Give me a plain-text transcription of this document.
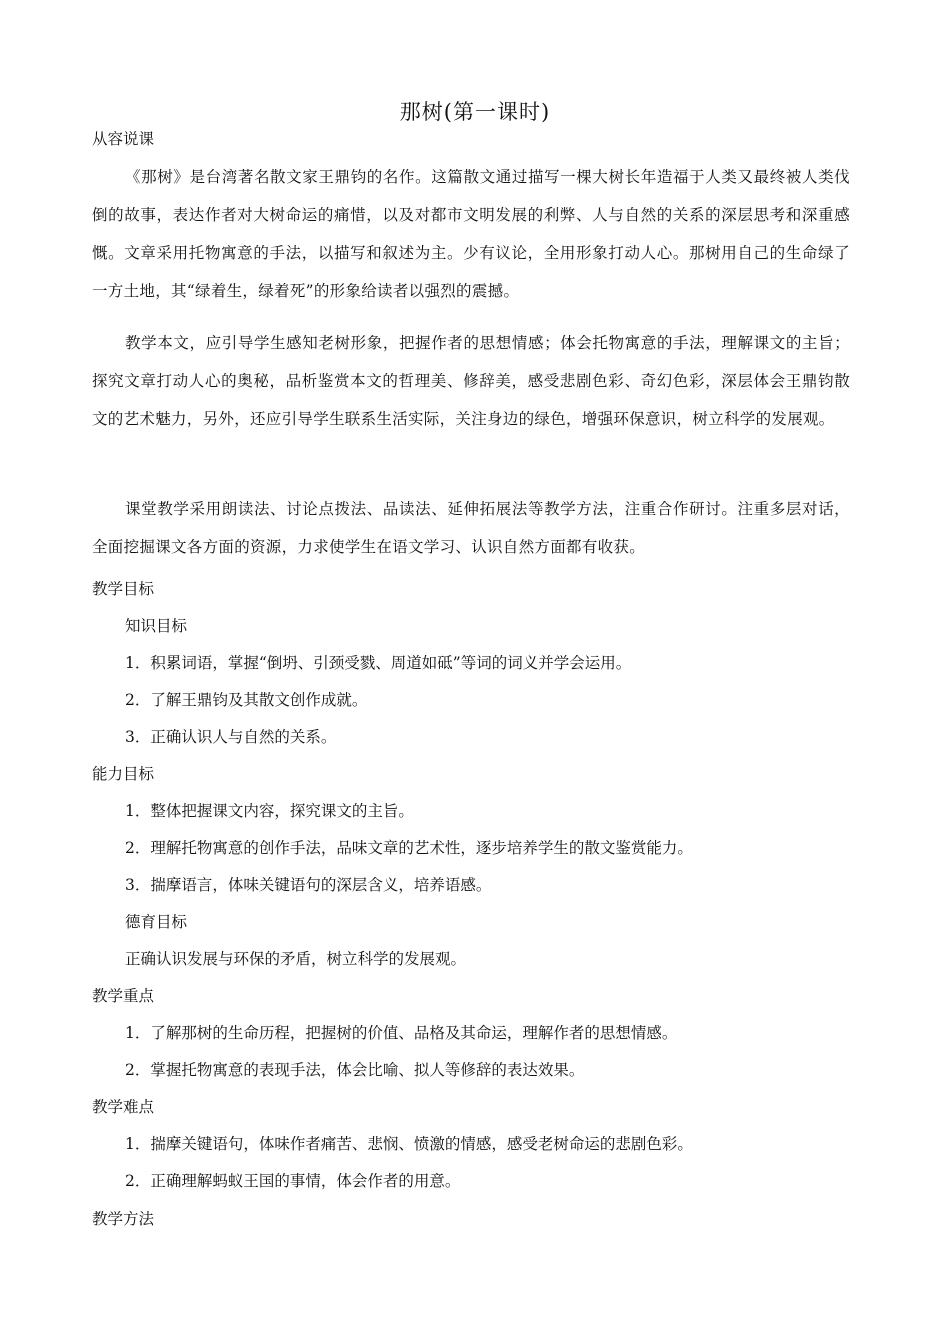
那树(第一课时)
从容说课
《那树》是台湾著名散文家王鼎钧的名作。这篇散文通过描写一棵大树长年造福于人类又最终被人类伐倒的故事，表达作者对大树命运的痛惜，以及对都市文明发展的利弊、人与自然的关系的深层思考和深重感慨。文章采用托物寓意的手法，以描写和叙述为主。少有议论，全用形象打动人心。那树用自己的生命绿了一方土地，其“绿着生，绿着死”的形象给读者以强烈的震撼。
教学本文，应引导学生感知老树形象，把握作者的思想情感；体会托物寓意的手法，理解课文的主旨；探究文章打动人心的奥秘，品析鉴赏本文的哲理美、修辞美，感受悲剧色彩、奇幻色彩，深层体会王鼎钧散文的艺术魅力，另外，还应引导学生联系生活实际，关注身边的绿色，增强环保意识，树立科学的发展观。
课堂教学采用朗读法、讨论点拨法、品读法、延伸拓展法等教学方法，注重合作研讨。注重多层对话，全面挖掘课文各方面的资源，力求使学生在语文学习、认识自然方面都有收获。
教学目标
知识目标
1．积累词语，掌握“倒坍、引颈受戮、周道如砥”等词的词义并学会运用。
2．了解王鼎钧及其散文创作成就。
3．正确认识人与自然的关系。
能力目标
1．整体把握课文内容，探究课文的主旨。
2．理解托物寓意的创作手法，品味文章的艺术性，逐步培养学生的散文鉴赏能力。
3．揣摩语言，体味关键语句的深层含义，培养语感。
德育目标
正确认识发展与环保的矛盾，树立科学的发展观。
教学重点
1．了解那树的生命历程，把握树的价值、品格及其命运，理解作者的思想情感。
2．掌握托物寓意的表现手法，体会比喻、拟人等修辞的表达效果。
教学难点
1．揣摩关键语句，体味作者痛苦、悲悯、愤激的情感，感受老树命运的悲剧色彩。
2．正确理解蚂蚁王国的事情，体会作者的用意。
教学方法
